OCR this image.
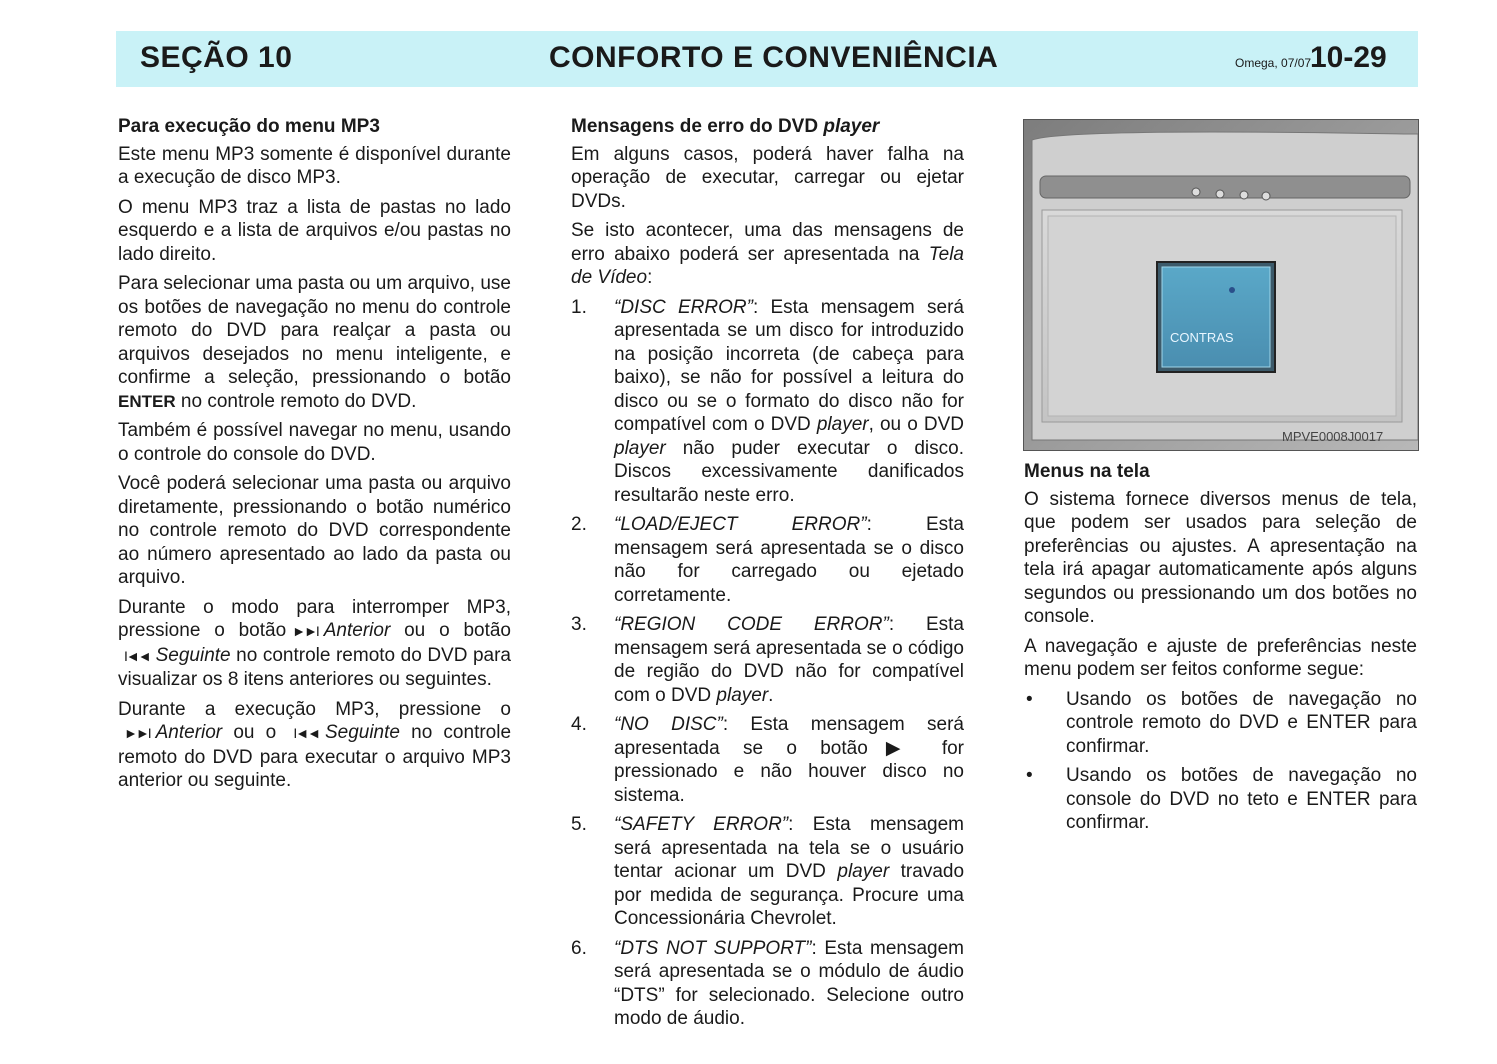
SEÇÃO 10	CONFORTO E CONVENIÊNCIA	Omega, 07/07
10-29
Para execução do menu MP3

Este menu MP3 somente é disponível durante a execução de disco MP3.

O menu MP3 traz a lista de pastas no lado esquerdo e a lista de arquivos e/ou pastas no lado direito.

Para selecionar uma pasta ou um arquivo, use os botões de navegação no menu do controle remoto do DVD para realçar a pasta ou arquivos desejados no menu inteligente, e confirme a seleção, pressionando o botão ENTER no controle remoto do DVD.

Também é possível navegar no menu, usando o controle do console do DVD.

Você poderá selecionar uma pasta ou arquivo diretamente, pressionando o botão numérico no controle remoto do DVD correspondente ao número apresentado ao lado da pasta ou arquivo.

Durante o modo para interromper MP3, pressione o botão ►►I Anterior ou o botão I◄◄ Seguinte no controle remoto do DVD para visualizar os 8 itens anteriores ou seguintes.

Durante a execução MP3, pressione o ►►I Anterior ou o I◄◄ Seguinte no controle remoto do DVD para executar o arquivo MP3 anterior ou seguinte.

Mensagens de erro do DVD player

Em alguns casos, poderá haver falha na operação de executar, carregar ou ejetar DVDs.

Se isto acontecer, uma das mensagens de erro abaixo poderá ser apresentada na Tela de Vídeo:

1. “DISC ERROR”: Esta mensagem será apresentada se um disco for introduzido na posição incorreta (de cabeça para baixo), se não for possível a leitura do disco ou se o formato do disco não for compatível com o DVD player, ou o DVD player não puder executar o disco. Discos excessivamente danificados resultarão neste erro.
2. “LOAD/EJECT ERROR”: Esta mensagem será apresentada se o disco não for carregado ou ejetado corretamente.
3. “REGION CODE ERROR”: Esta mensagem será apresentada se o código de região do DVD não for compatível com o DVD player.
4. “NO DISC”: Esta mensagem será apresentada se o botão▶ for pressionado e não houver disco no sistema.
5. “SAFETY ERROR”: Esta mensagem será apresentada na tela se o usuário tentar acionar um DVD player travado por medida de segurança. Procure uma Concessionária Chevrolet.
6. “DTS NOT SUPPORT”: Esta mensagem será apresentada se o módulo de áudio “DTS” for selecionado. Selecione outro modo de áudio.
CONTRAS
MPVE0008J0017
Menus na tela

O sistema fornece diversos menus de tela, que podem ser usados para seleção de preferências ou ajustes. A apresentação na tela irá apagar automaticamente após alguns segundos ou pressionando um dos botões no console.

A navegação e ajuste de preferências neste menu podem ser feitos conforme segue:

• Usando os botões de navegação no controle remoto do DVD e ENTER para confirmar.
• Usando os botões de navegação no console do DVD no teto e ENTER para confirmar.
